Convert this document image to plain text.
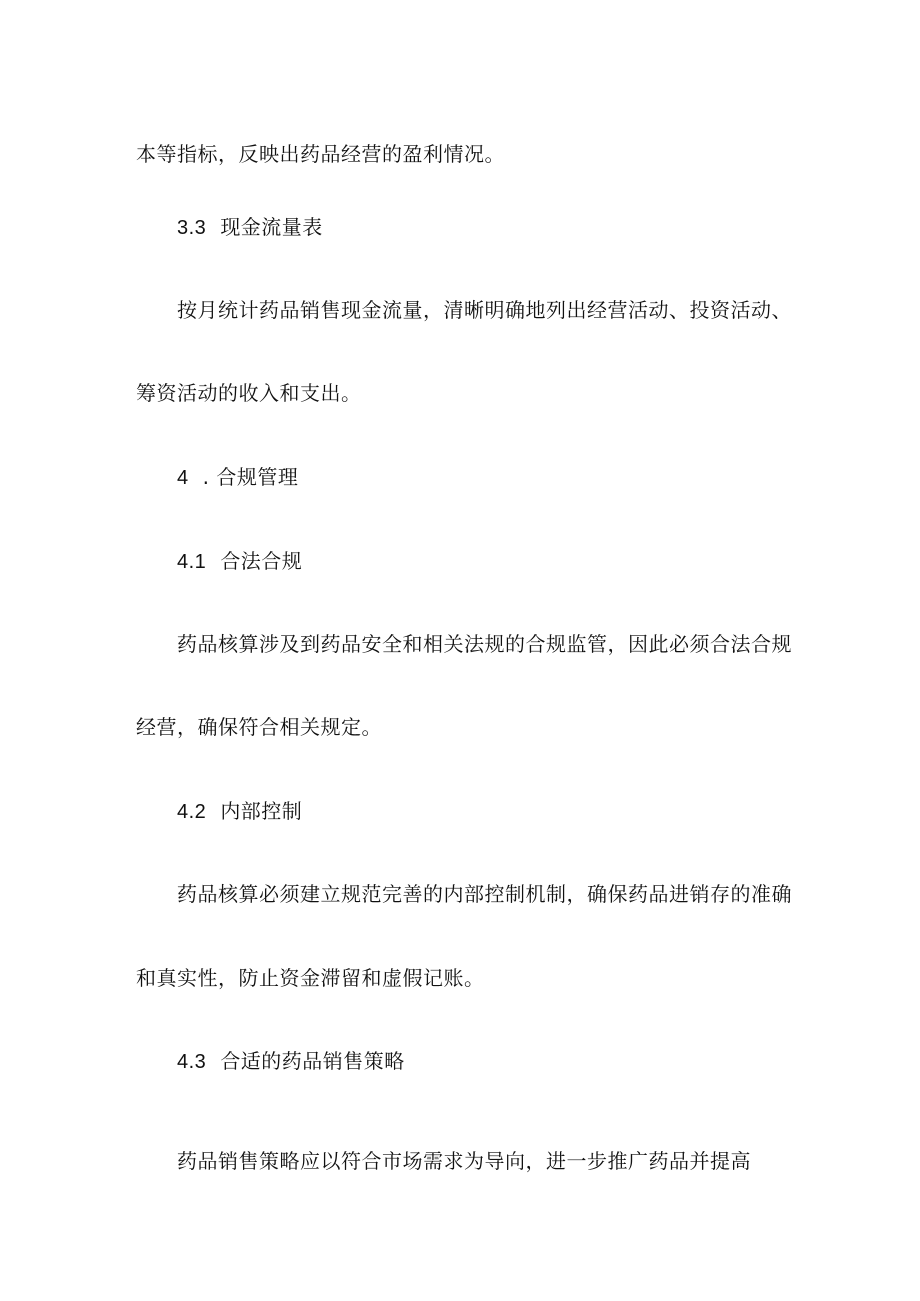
本等指标，反映出药品经营的盈利情况。
3.3 现金流量表
按月统计药品销售现金流量，清晰明确地列出经营活动、投资活动、
筹资活动的收入和支出。
4 . 合规管理
4.1 合法合规
药品核算涉及到药品安全和相关法规的合规监管，因此必须合法合规
经营，确保符合相关规定。
4.2 内部控制
药品核算必须建立规范完善的内部控制机制，确保药品进销存的准确
和真实性，防止资金滞留和虚假记账。
4.3 合适的药品销售策略
药品销售策略应以符合市场需求为导向，进一步推广药品并提高
